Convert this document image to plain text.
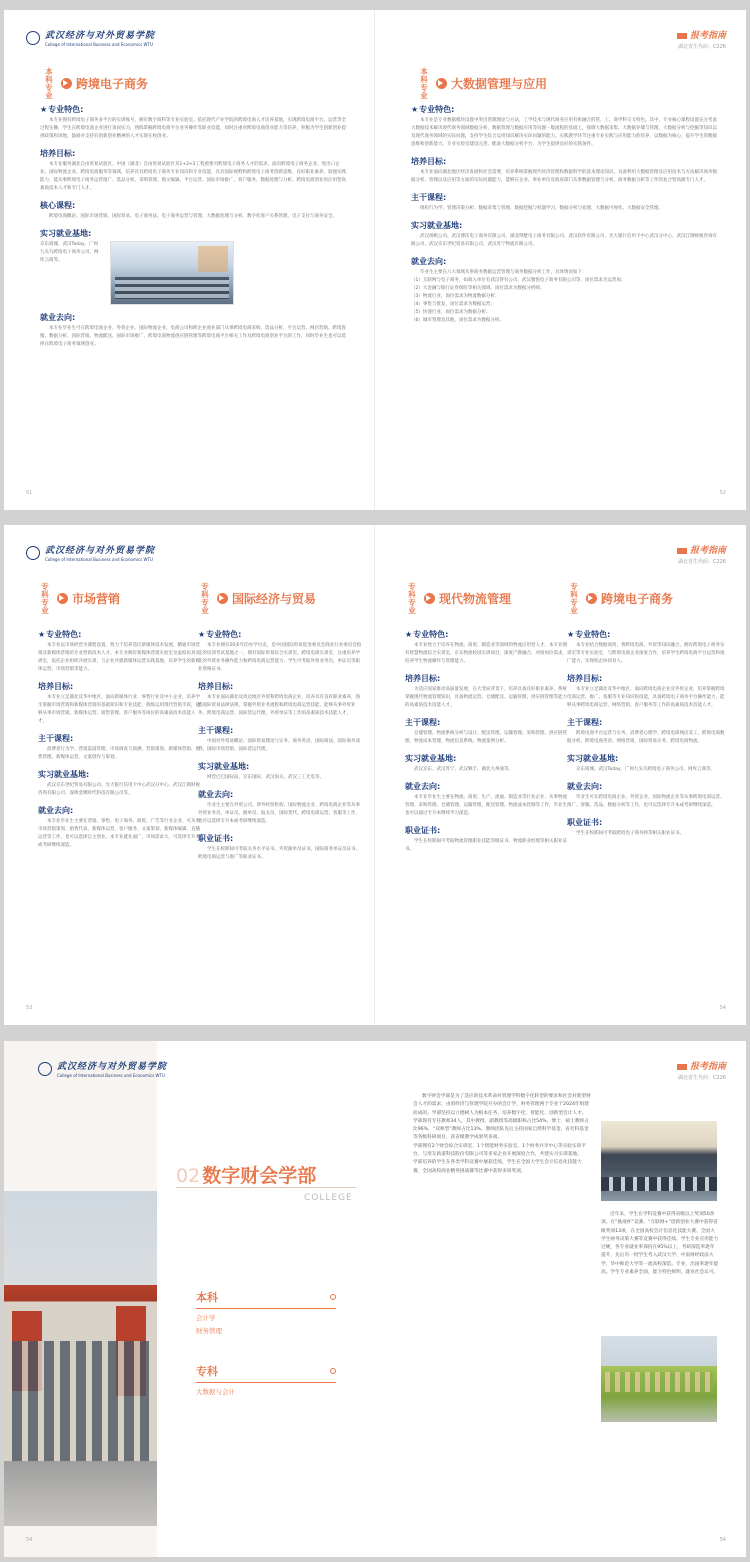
武汉经济与对外贸易学院
College of International Business and Economics WTU
本科专业
跨境电子商务
★专业特色:
本专业拥有跨境电子商务多平台的实训账号，拥有数字商科等专业实验室。依托现代产业学院的跨境电商人才培养基地，实现跨境电商平台、运营等全过程实操，学生在跨境电商企业进行顶岗实习，熟练掌握跨境电商平台业务操作等职业技能，同时注重对跨境电商创业能力等培养，积极为学生创新创业提供政策和场地，鼓励并支持有创新创业精神的人才实现在校创业。
培养目标:
本专业服务湖北自由贸易试验区、中国（湖北）自由贸易试验区及1+2+2工程重要对跨境电子商务人才的需求，面向跨境电子商务企业、进出口企业、国际物流企业、跨境电商服务等领域，培养具有跨境电子商务专业知识和专业技能，具有国际视野和跨境电子商务创新思维、良好职业素养、较强实践能力，能从事跨境电子商务运营推广、选品分析、采购管理、图文编辑、平台运营、国际市场推广、客户服务、数据处理与分析、跨境电商创业的应用型高素质技术人才和专门人才。
核心课程:
跨境电商概论、国际市场营销、国际贸易、电子商务法、电子商务运营与管理、大数据处理与分析、数字化客户关系管理、电子支付与商务安全。
实习就业基地:
京东商城、武汉Today、广州九头鸟跨境电子商务公司、网库云商等。
就业去向:
本专业毕业生可在跨境电商企业、外贸企业、国际物流企业、电商公司和跨企业商业部门从事跨境电商采购、选品分析、平台运营、网店营销、跨境客服、数据分析、国际营销、物流配送、国际市场推广、跨境电商物流供应链管理等跨境电商平台相关工作及跨境电商创业平台的工作，同时毕业生也可以选择在跨境电子商务领域创业。
51
报考指南
湖北省生代码：C226
本科专业
大数据管理与应用
★专业特色:
本专业是专业数据模块设置中突出管理理论与方法，工学技术与现代商务应用有机融合的管、工、商学科交叉特色。其中，专业核心课程设置充分考虑大数据技术解决现代商务领域数据分析，数据管理与数据应用等问题一般流程的基础上，强调大数据采集、大数据存储与管理、大数据分析与挖掘等知识以及现代商务领域的实际问题，支持学生综合运用知识解决实际问题的能力。实践教学环节注重专业实践与应用能力的培养，以数据为核心，提升学生的数据思维和创新能力。专业实验室建设完善，配备大数据分析平台，为学生提供良好的实践条件。
培养目标:
本专业面向湖北地区经济发展和社会需要，培养系统掌握现代经济管理和数据科学的基本理论知识，具备利用大数据管理及应用技术与方法解决商务数据分析、管理以及应用等方面的实际问题能力，能够在企业、事业单位及政府部门从事数据管理与分析、商务数据分析等工作的复合型高级专门人才。
主干课程:
组织行为学、管理决策分析、数据采集与管理、数据挖掘与机器学习、数据分析与处理、大数据可视化、大数据安全管理。
实习就业基地:
武汉扬帆公司、武汉博沃电子商务有限公司、湖北荆楚电子商务有限公司、武汉软件有限公司、光大银行信用卡中心武汉分中心、武汉江钢财税咨询有限公司、武汉京东世纪贸易有限公司、武汉苏宁物流有限公司。
就业去向:
毕业生主要在六大领域从事商务数据运营管理与商务数据分析工作，具体情况如下：
（1）互联网与电子商务，如商入单位有武汉得有公司、武汉雅悦电子商务有限公司等，岗位需求为运营岗；
（2）大金融与银行证券保险等相关领域，岗位需求为数据分析师；
（3）物流行业，岗位需求为物流数据分析；
（4）零售与批发，岗位需求为数据运营；
（5）快递行业，岗位需求为数据分析；
（6）城市管理及其他，岗位需求为数据分析。
52
武汉经济与对外贸易学院
College of International Business and Economics WTU
专科专业
市场营销
★专业特色:
本专业以市场经营为课程设置，致力于培养适应新媒体技术发展，精通市场营销及新媒体营销的专业营销技术人才。本专业拥有新媒体营销实验室及虚拟仿真实训室，依托企业组织开展实训，与企业共建新媒体运营实践基地，培养学生的新媒体运营、市场营销等能力。
培养目标:
本专业立足湖北及华中地区，面向新媒体行业、零售行业及中小企业，培养学生掌握市场营销和新媒体营销的基础知识和专业技能，熟练运用现代营销手段，能够从事市场营销、新媒体运营、销售管理、客户服务等岗位的高素质技术技能人才。
主干课程:
消费者行为学、营销渠道管理、市场调查与预测、营销策划、新媒体营销、销售管理、新媒体运营、文案创作与策划。
实习就业基地:
武汉京东世纪贸易有限公司、光大银行信用卡中心武汉分中心、武汉江钢财税咨询有限公司、深圳金牌时代科技有限公司等。
就业去向:
本专业毕业生主要在营销、零售、电子商务、商贸、广告等行业企业，可从事市场营销策划、销售代表、新媒体运营、客户服务、文案策划、新媒体编辑、直播运营等工作，也可以选择自主创业。本专业就业面广，市场需求大，可选择专升本或考研继续深造。
专科专业
国际经济与贸易
★专业特色:
本专业拥有20多年的办学历史，是中国国际贸易促进委员会商业行业委员会指定的培训考试基地之一，拥有国际贸易综合实训室、跨境电商实训室，注重培养学生的外贸业务操作能力和跨境电商运营能力，学生可考取外贸业务员、单证员等职业资格证书。
培养目标:
本专业面向湖北及周边地区外贸和跨境电商企业，培养具有良好职业素养，熟悉国际贸易法律法规，掌握外贸业务流程和跨境电商运营技能，能够从事外贸业务、跨境电商运营、国际货运代理、外贸单证等工作的高素质技术技能人才。
主干课程:
中国对外贸易概论、国际贸易理论与实务、商务英语、国际商法、国际商务谈判、国际市场营销、国际货运代理。
实习就业基地:
网营巴巴国际站、京东国际、武汉海关、武汉三工光电等。
就业去向:
毕业生主要在外贸公司、涉外经贸机构、国际物流企业、跨境电商企业等从事外贸业务员、单证员、跟单员、报关员、国际货代、跨境电商运营、客服等工作，也可以选择专升本或考研继续深造。
职业证书:
学生在校期间可考取关务水平证书、外贸跟单员证书、国际商务单证员证书、跨境电商运营与推广等职业证书。
53
报考指南
湖北省生代码：C226
专科专业
现代物流管理
★专业特色:
本专业致力于培养在物流、商贸、制造业等领域的物流应用型人才。本专业拥有智慧物流综合实训室，京东物流校园实训项目，深度产教融合，对接岗位需求，培养学生物流操作与管理能力。
培养目标:
为适应国家推动高质量发展，在大变局背景下，培养具备良好职业素养，系统掌握现代物流管理知识，具备物流运营、仓储配送、运输管理、供应链管理等能力的高素质技术技能人才。
主干课程:
仓储管理、物流系统分析与设计、配送管理、运输管理、采购管理、供应链管理、物流成本管理、物流信息系统、物流案例分析。
实习就业基地:
武汉京东、武汉苏宁、武汉顺丰、湖北九州通等。
就业去向:
本专业毕业生主要在物流、商贸、生产、流通、制造业等行业企业，从事物流管理、采购管理、仓储管理、运输管理、配送管理、物流成本控制等工作，毕业生也可以通过专升本继续学习深造。
职业证书:
学生在校期间可考取物流管理职业技能等级证书、物流职业经理等相关职业证书。
专科专业
跨境电子商务
★专业特色:
本专业结合数据商贸，将跨境电商、外贸等知识融合，拥有跨境电子商务实训室等专业实验室，与跨境电商企业深度合作，培养学生跨境电商平台运营和推广能力，实现校企协同育人。
培养目标:
本专业立足湖北及华中地区，面向跨境电商企业及外贸企业，培养掌握跨境电商运营、推广、客服等专业知识和技能，具备跨境电子商务平台操作能力，能够从事跨境电商运营、网络营销、客户服务等工作的高素质技术技能人才。
主干课程:
跨境电商平台运营与实务、消费者心理学、跨境电商网店美工、跨境电商数据分析、跨境电商英语、网络营销、国际贸易实务、跨境电商物流。
实习就业基地:
京东商城、武汉Today、广州九头鸟跨境电子商务公司、网库云商等。
就业去向:
毕业生可在跨境电商企业、外贸企业、国际物流企业等从事跨境电商运营、推广、客服、选品、数据分析等工作，也可以选择专升本或考研继续深造。
职业证书:
学生在校期间可考取跨境电子商务师等相关职业证书。
54
武汉经济与对外贸易学院
College of International Business and Economics WTU
02 数字财会学部
COLLEGE
本科
会计学
财务管理
专科
大数据与会计
54
报考指南
湖北省生代码：C226
数字财会学部是为了适应新技术革命对管理学科数字化转型的要求和社会对新型财会人才的需求，由原经济与管理学院开办的会计学、财务管理两个专业于2024年组建而成的。学部坚持以立德树人为根本任务，培养数字化、智能化、创新型会计人才。
学部现有专任教师34人，其中教授、副教授等高级职称占比54%，博士、硕士教师占比96%，“双师型”教师占比13%。教师团队先后主持国家自然科学基金、省社科基金等各级科研项目，获省级教学成果奖多项。
学部拥有2个财会综合实训室、1个智能财务实验室、1个财务共享中心等实验实训平台，与用友新道科技股份有限公司等多家企业开展深度合作，共建实习实训基地。
学部培养的学生在各类学科竞赛中屡获佳绩，学生在全国大学生会计信息化技能大赛、全国高校商业精英挑战赛等比赛中获得多项奖项。
近年来，学生在学科竞赛中获得省级以上奖项50余项。在“挑战杯”竞赛、“互联网+”创新创业大赛中获得省级奖项13项，在全国高校会计信息化技能大赛、全国大学生财务决策大赛等竞赛中获得佳绩。学生专业应用能力过硬，各专业就业率保持在95%以上，考研深造率逐年提升，先后有一批学生考入武汉大学、中南财经政法大学、华中师范大学等一流高校深造。专业、出国率逐年提高。学生专业素养全面，能力特色鲜明，就业社会认可。
54
